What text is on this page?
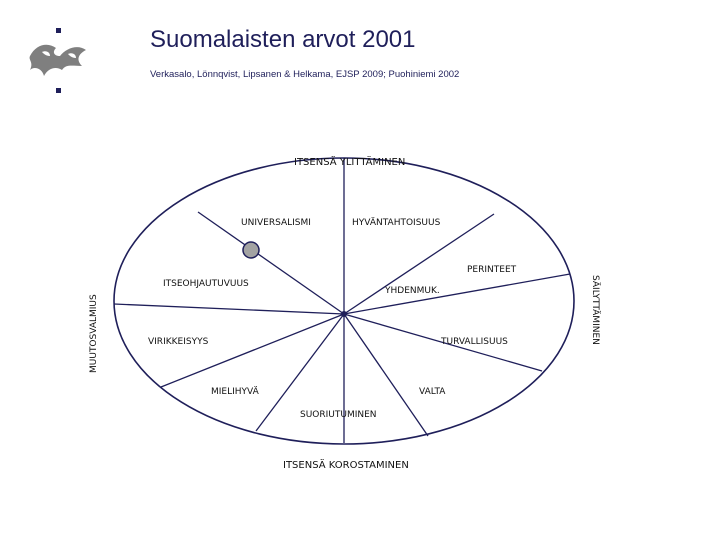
Suomalaisten arvot 2001
Verkasalo, Lönnqvist, Lipsanen & Helkama, EJSP 2009; Puohiniemi 2002
ITSENSÄ YLITTÄMINEN
UNIVERSALISMI	HYVÄNTAHTOISUUS
PERINTEET
ITSEOHJAUTUVUUS
YHDENMUK.
VIRIKKEISYYS	TURVALLISUUS
MIELIHYVÄ	VALTA
SUORIUTUMINEN
ITSENSÄ KOROSTAMINEN
MUUTOSVALMIUS	SÄILYTTÄMINEN
